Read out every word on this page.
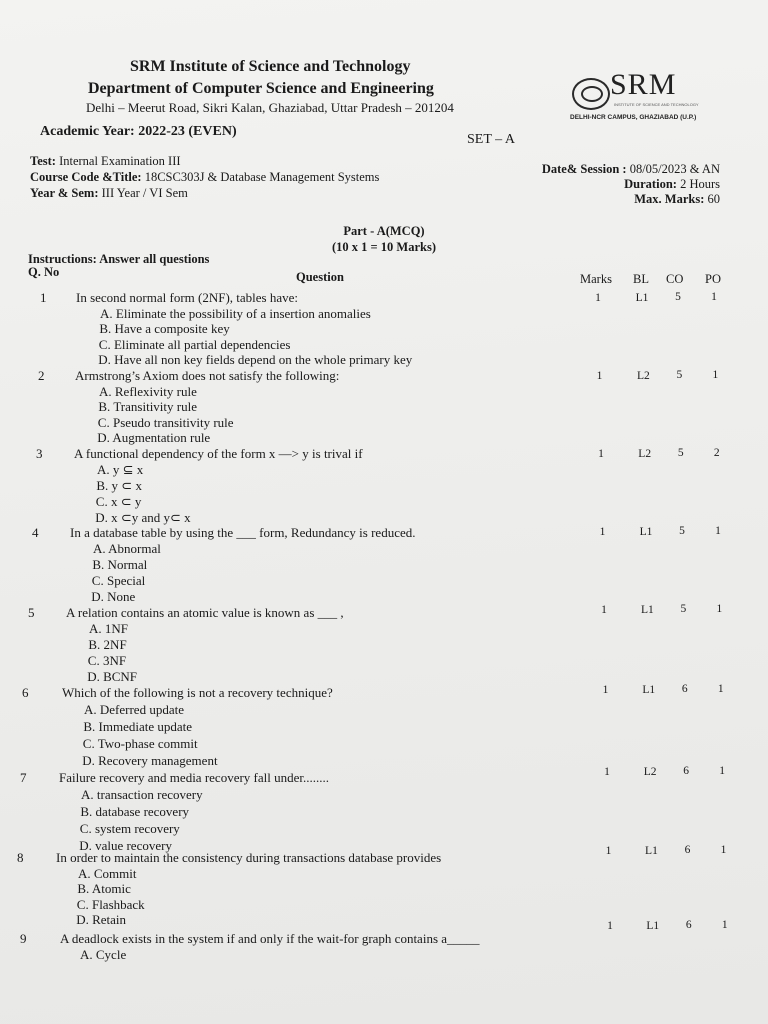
SRM Institute of Science and Technology
Department of Computer Science and Engineering
Delhi – Meerut Road, Sikri Kalan, Ghaziabad, Uttar Pradesh – 201204
Academic Year: 2022-23 (EVEN)
SET – A
SRM
INSTITUTE OF SCIENCE AND TECHNOLOGY
DELHI-NCR CAMPUS, GHAZIABAD (U.P.)
Test: Internal Examination III
Course Code &Title: 18CSC303J & Database Management Systems
Year & Sem: III Year / VI Sem
Date& Session : 08/05/2023 & AN
Duration: 2 Hours
Max. Marks: 60
Part - A(MCQ)
(10 x 1 = 10 Marks)
Instructions: Answer all questions
Q. No	Question	Marks BL CO PO
1 In second normal form (2NF), tables have:
A. Eliminate the possibility of a insertion anomalies
B. Have a composite key
C. Eliminate all partial dependencies
D. Have all non key fields depend on the whole primary key
1	L1	5	1
2 Armstrong’s Axiom does not satisfy the following:
A. Reflexivity rule
B. Transitivity rule
C. Pseudo transitivity rule
D. Augmentation rule
1	L2	5	1
3 A functional dependency of the form x —> y is trival if
A. y ⊆ x
B. y ⊂ x
C. x ⊂ y
D. x ⊂y and y⊂ x
1	L2	5	2
4 In a database table by using the ___ form, Redundancy is reduced.
A. Abnormal
B. Normal
C. Special
D. None
1	L1	5	1
5 A relation contains an atomic value is known as ___ ,
A. 1NF
B. 2NF
C. 3NF
D. BCNF
1	L1	5	1
6	Which of the following is not a recovery technique?
A. Deferred update
B. Immediate update
C. Two-phase commit
D. Recovery management
1	L1	6	1
7	Failure recovery and media recovery fall under........
A. transaction recovery
B. database recovery
C. system recovery
D. value recovery
1	L2	6	1
8	In order to maintain the consistency during transactions database provides
A. Commit
B. Atomic
C. Flashback
D. Retain
1	L1	6	1
9	A deadlock exists in the system if and only if the wait-for graph contains a_____
A. Cycle
1	L1	6	1
